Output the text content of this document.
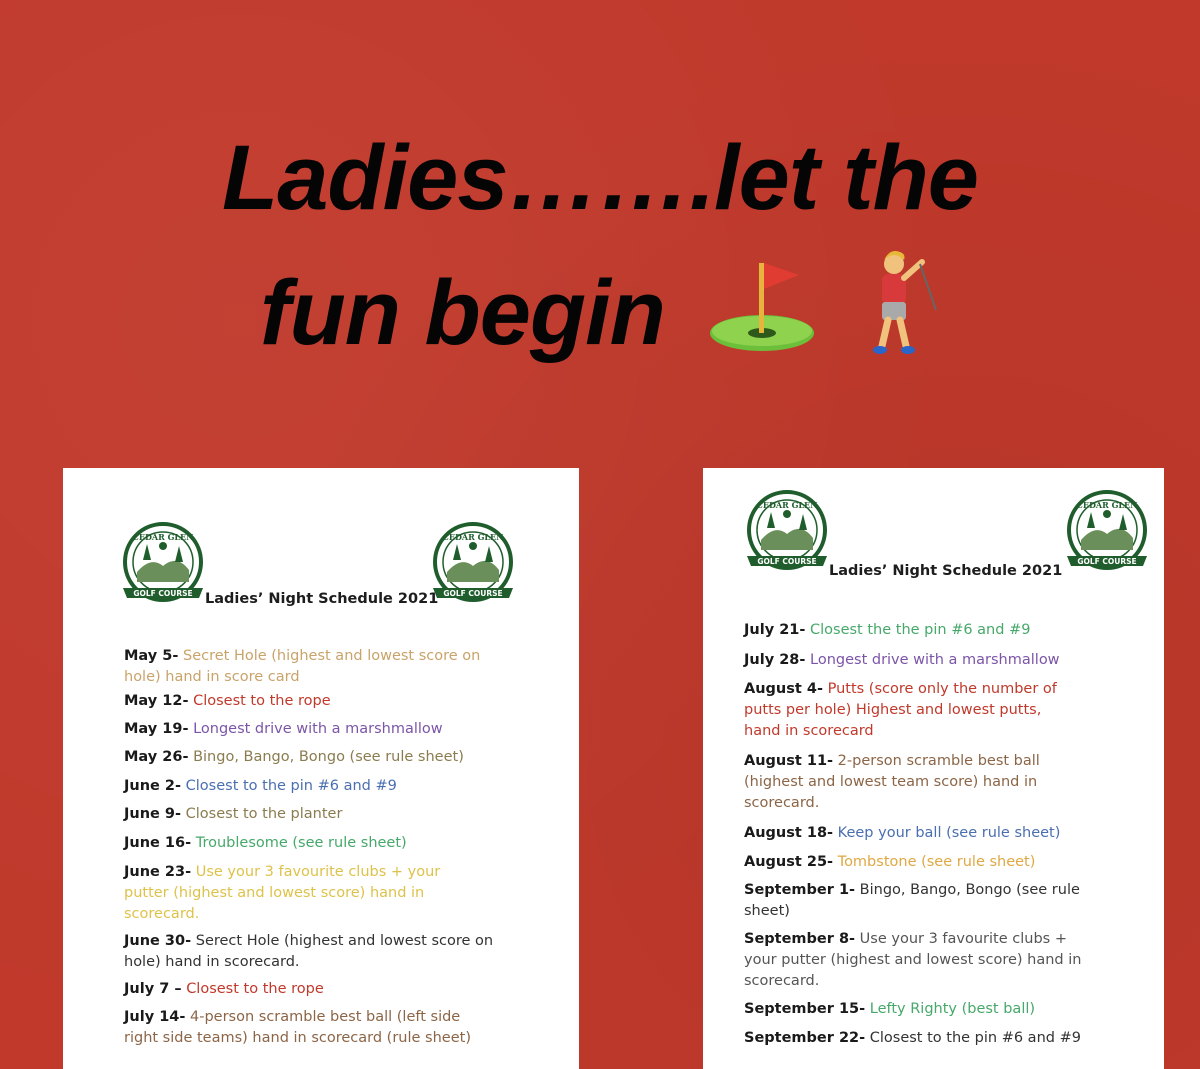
Ladies…….let the
fun begin
CEDAR GLEN
GOLF COURSE
CEDAR GLEN
GOLF COURSE
Ladies’ Night Schedule 2021
May 5- Secret Hole (highest and lowest score on
hole) hand in score card
May 12- Closest to the rope
May 19- Longest drive with a marshmallow
May 26- Bingo, Bango, Bongo (see rule sheet)
June 2- Closest to the pin #6 and #9
June 9- Closest to the planter
June 16- Troublesome (see rule sheet)
June 23- Use your 3 favourite clubs + your
putter (highest and lowest score) hand in
scorecard.
June 30- Serect Hole (highest and lowest score on
hole) hand in scorecard.
July 7 – Closest to the rope
July 14- 4-person scramble best ball (left side
right side teams) hand in scorecard (rule sheet)
CEDAR GLEN
GOLF COURSE
CEDAR GLEN
GOLF COURSE
Ladies’ Night Schedule 2021
July 21- Closest the the pin #6 and #9
July 28- Longest drive with a marshmallow
August 4- Putts (score only the number of
putts per hole) Highest and lowest putts,
hand in scorecard
August 11- 2-person scramble best ball
(highest and lowest team score) hand in
scorecard.
August 18- Keep your ball (see rule sheet)
August 25- Tombstone (see rule sheet)
September 1- Bingo, Bango, Bongo (see rule
sheet)
September 8- Use your 3 favourite clubs +
your putter (highest and lowest score) hand in
scorecard.
September 15- Lefty Righty (best ball)
September 22- Closest to the pin #6 and #9
